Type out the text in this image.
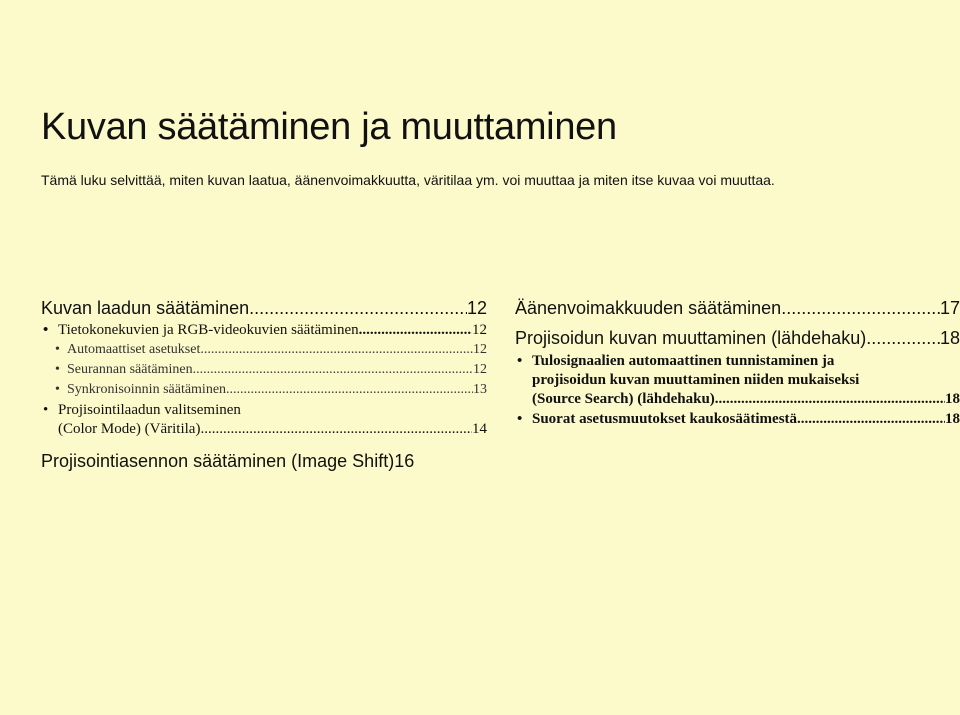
Kuvan säätäminen ja muuttaminen
Tämä luku selvittää, miten kuvan laatua, äänenvoimakkuutta, väritilaa ym. voi muuttaa ja miten itse kuvaa voi muuttaa.
Kuvan laadun säätäminen .....	12
• Tietokonekuvien ja RGB-videokuvien säätäminen .....	12
• Automaattiset asetukset .....	12
• Seurannan säätäminen .....	12
• Synkronisoinnin säätäminen .....	13
• Projisointilaadun valitseminen
(Color Mode) (Väritila) .....	14
Projisointiasennon säätäminen (Image Shift) 16
Äänenvoimakkuuden säätäminen .....	17
Projisoidun kuvan muuttaminen (lähdehaku) .....	18
• Tulosignaalien automaattinen tunnistaminen ja
projisoidun kuvan muuttaminen niiden mukaiseksi
(Source Search) (lähdehaku) .....	18
• Suorat asetusmuutokset kaukosäätimestä .....	18
